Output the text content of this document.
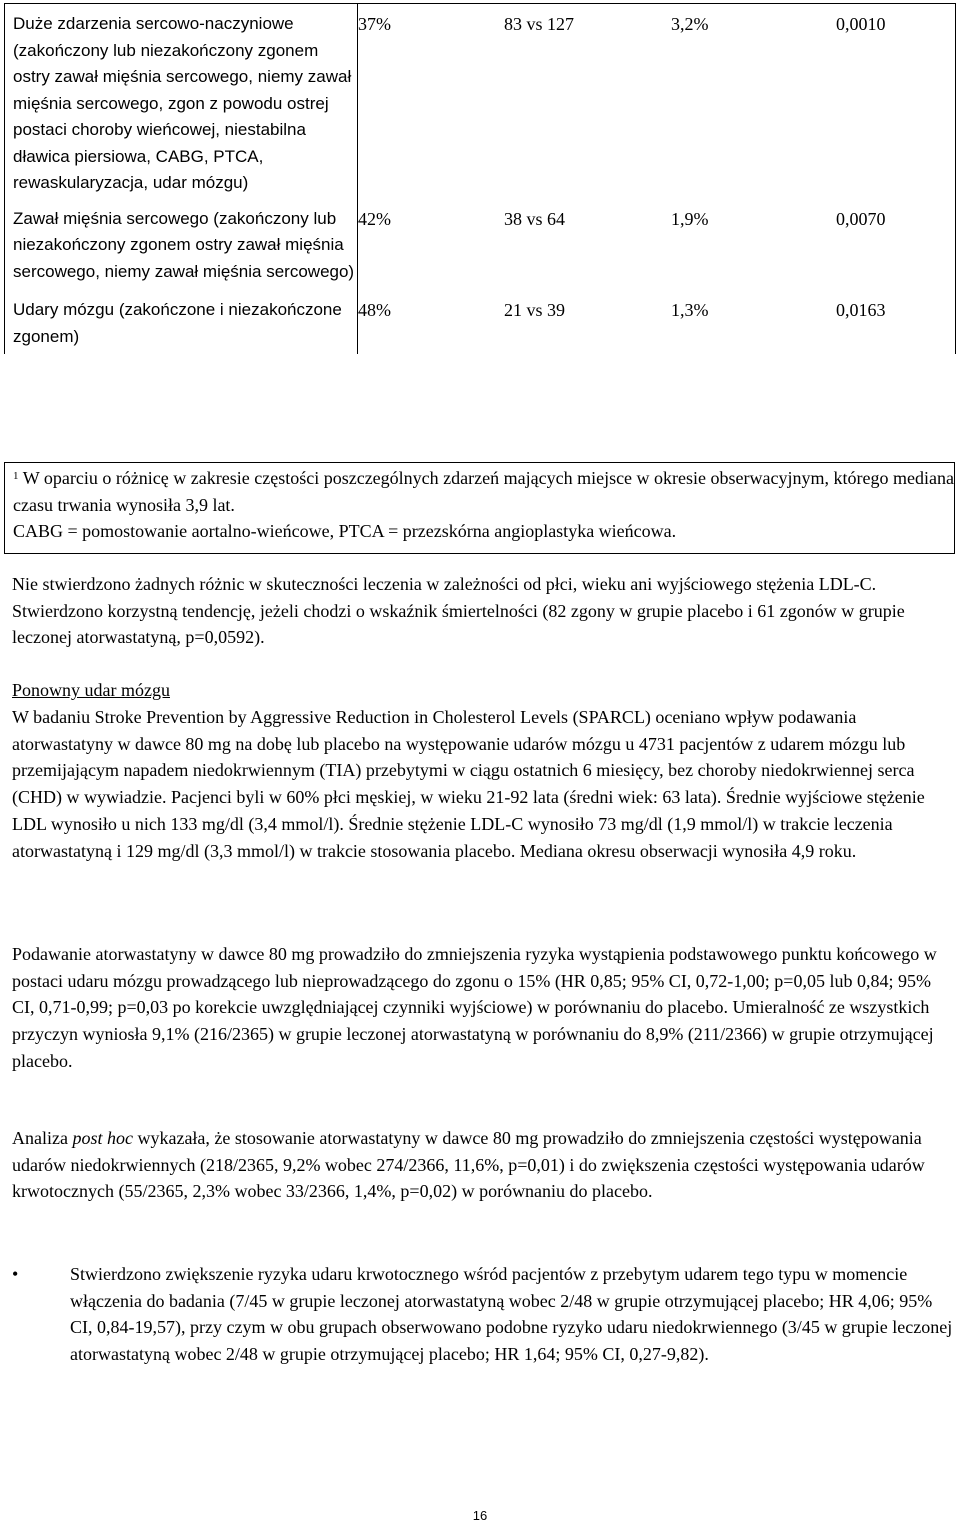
Duże zdarzenia sercowo-naczyniowe (zakończony lub niezakończony zgonem ostry zawał mięśnia sercowego, niemy zawał mięśnia sercowego, zgon z powodu ostrej postaci choroby wieńcowej, niestabilna dławica piersiowa, CABG, PTCA, rewaskularyzacja, udar mózgu)	37%	83 vs 127	3,2%	0,0010
Zawał mięśnia sercowego (zakończony lub niezakończony zgonem ostry zawał mięśnia sercowego, niemy zawał mięśnia sercowego)	42%	38 vs 64	1,9%	0,0070
Udary mózgu (zakończone i niezakończone zgonem)	48%	21 vs 39	1,3%	0,0163
$^1$ W oparciu o różnicę w zakresie częstości poszczególnych zdarzeń mających miejsce w okresie obserwacyjnym, którego mediana czasu trwania wynosiła 3,9 lat.
CABG = pomostowanie aortalno-wieńcowe, PTCA = przezskórna angioplastyka wieńcowa.
Nie stwierdzono żadnych różnic w skuteczności leczenia w zależności od płci, wieku ani wyjściowego stężenia LDL-C. Stwierdzono korzystną tendencję, jeżeli chodzi o wskaźnik śmiertelności (82 zgony w grupie placebo i 61 zgonów w grupie leczonej atorwastatyną, p=0,0592).
Ponowny udar mózgu
W badaniu Stroke Prevention by Aggressive Reduction in Cholesterol Levels (SPARCL) oceniano wpływ podawania atorwastatyny w dawce 80 mg na dobę lub placebo na występowanie udarów mózgu u 4731 pacjentów z udarem mózgu lub przemijającym napadem niedokrwiennym (TIA) przebytymi w ciągu ostatnich 6 miesięcy, bez choroby niedokrwiennej serca (CHD) w wywiadzie. Pacjenci byli w 60% płci męskiej, w wieku 21-92 lata (średni wiek: 63 lata). Średnie wyjściowe stężenie LDL wynosiło u nich 133 mg/dl (3,4 mmol/l). Średnie stężenie LDL-C wynosiło 73 mg/dl (1,9 mmol/l) w trakcie leczenia atorwastatyną i 129 mg/dl (3,3 mmol/l) w trakcie stosowania placebo. Mediana okresu obserwacji wynosiła 4,9 roku.
Podawanie atorwastatyny w dawce 80 mg prowadziło do zmniejszenia ryzyka wystąpienia podstawowego punktu końcowego w postaci udaru mózgu prowadzącego lub nieprowadzącego do zgonu o 15% (HR 0,85; 95% CI, 0,72-1,00; p=0,05 lub 0,84; 95% CI, 0,71-0,99; p=0,03 po korekcie uwzględniającej czynniki wyjściowe) w porównaniu do placebo. Umieralność ze wszystkich przyczyn wyniosła 9,1% (216/2365) w grupie leczonej atorwastatyną w porównaniu do 8,9% (211/2366) w grupie otrzymującej placebo.
Analiza post hoc wykazała, że stosowanie atorwastatyny w dawce 80 mg prowadziło do zmniejszenia częstości występowania udarów niedokrwiennych (218/2365, 9,2% wobec 274/2366, 11,6%, p=0,01) i do zwiększenia częstości występowania udarów krwotocznych (55/2365, 2,3% wobec 33/2366, 1,4%, p=0,02) w porównaniu do placebo.
•	Stwierdzono zwiększenie ryzyka udaru krwotocznego wśród pacjentów z przebytym udarem tego typu w momencie włączenia do badania (7/45 w grupie leczonej atorwastatyną wobec 2/48 w grupie otrzymującej placebo; HR 4,06; 95% CI, 0,84-19,57), przy czym w obu grupach obserwowano podobne ryzyko udaru niedokrwiennego (3/45 w grupie leczonej atorwastatyną wobec 2/48 w grupie otrzymującej placebo; HR 1,64; 95% CI, 0,27-9,82).
16
